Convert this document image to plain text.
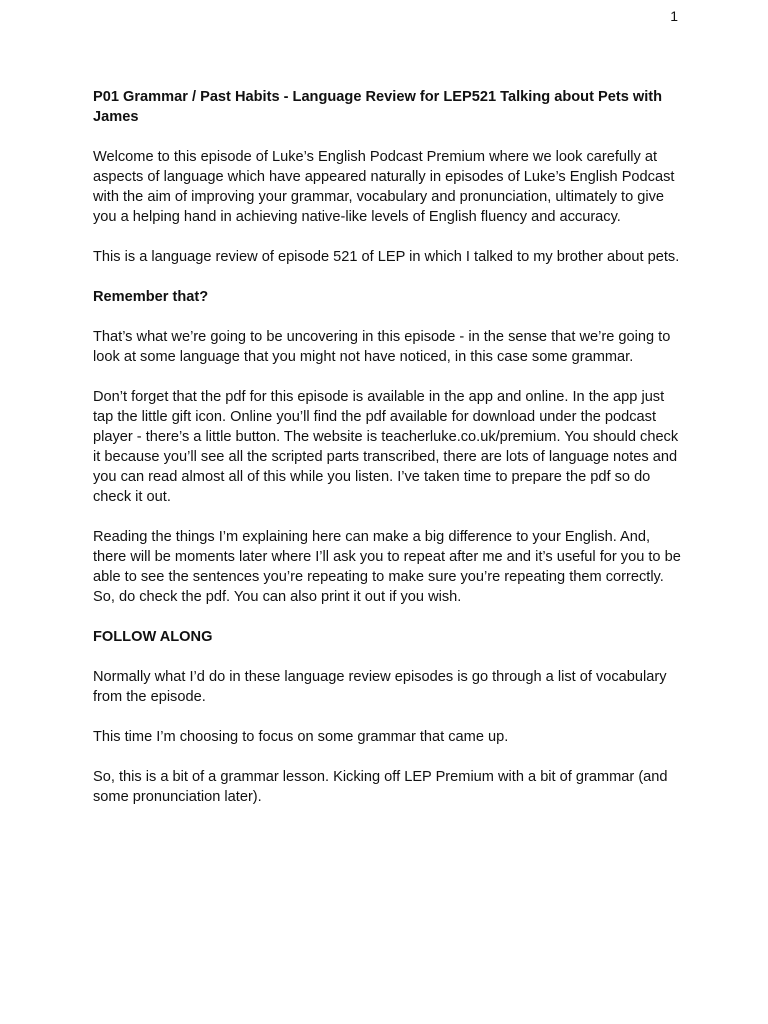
1

P01 Grammar / Past Habits - Language Review for LEP521 Talking about Pets with James

Welcome to this episode of Luke’s English Podcast Premium where we look carefully at aspects of language which have appeared naturally in episodes of Luke’s English Podcast with the aim of improving your grammar, vocabulary and pronunciation, ultimately to give you a helping hand in achieving native-like levels of English fluency and accuracy.

This is a language review of episode 521 of LEP in which I talked to my brother about pets.

Remember that?

That’s what we’re going to be uncovering in this episode - in the sense that we’re going to look at some language that you might not have noticed, in this case some grammar.

Don’t forget that the pdf for this episode is available in the app and online. In the app just tap the little gift icon. Online you’ll find the pdf available for download under the podcast player - there’s a little button. The website is teacherluke.co.uk/premium. You should check it because you’ll see all the scripted parts transcribed, there are lots of language notes and you can read almost all of this while you listen. I’ve taken time to prepare the pdf so do check it out.

Reading the things I’m explaining here can make a big difference to your English. And, there will be moments later where I’ll ask you to repeat after me and it’s useful for you to be able to see the sentences you’re repeating to make sure you’re repeating them correctly. So, do check the pdf. You can also print it out if you wish.

FOLLOW ALONG

Normally what I’d do in these language review episodes is go through a list of vocabulary from the episode.

This time I’m choosing to focus on some grammar that came up.

So, this is a bit of a grammar lesson. Kicking off LEP Premium with a bit of grammar (and some pronunciation later).
